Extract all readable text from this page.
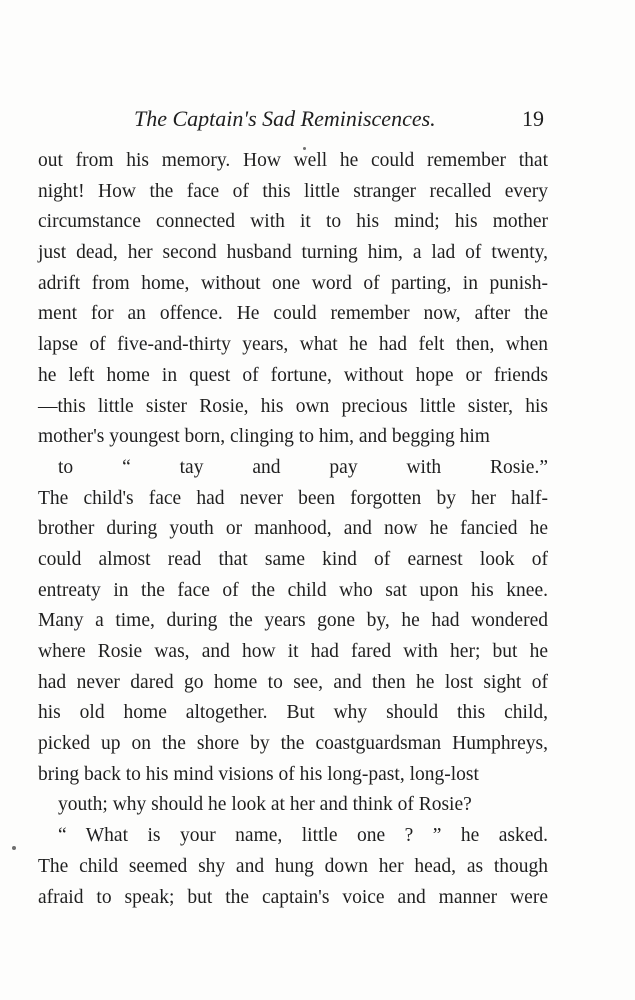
The Captain's Sad Reminiscences.	19
out from his memory. How well he could remember that
night! How the face of this little stranger recalled every
circumstance connected with it to his mind; his mother
just dead, her second husband turning him, a lad of twenty,
adrift from home, without one word of parting, in punish-
ment for an offence. He could remember now, after the
lapse of five-and-thirty years, what he had felt then, when
he left home in quest of fortune, without hope or friends
—this little sister Rosie, his own precious little sister, his
mother's youngest born, clinging to him, and begging him
to “ tay and pay with Rosie.”
The child's face had never been forgotten by her half-
brother during youth or manhood, and now he fancied he
could almost read that same kind of earnest look of
entreaty in the face of the child who sat upon his knee.
Many a time, during the years gone by, he had wondered
where Rosie was, and how it had fared with her; but he
had never dared go home to see, and then he lost sight of
his old home altogether. But why should this child,
picked up on the shore by the coastguardsman Humphreys,
bring back to his mind visions of his long-past, long-lost
youth; why should he look at her and think of Rosie?
“ What is your name, little one ? ” he asked.
The child seemed shy and hung down her head, as though
afraid to speak; but the captain's voice and manner were
